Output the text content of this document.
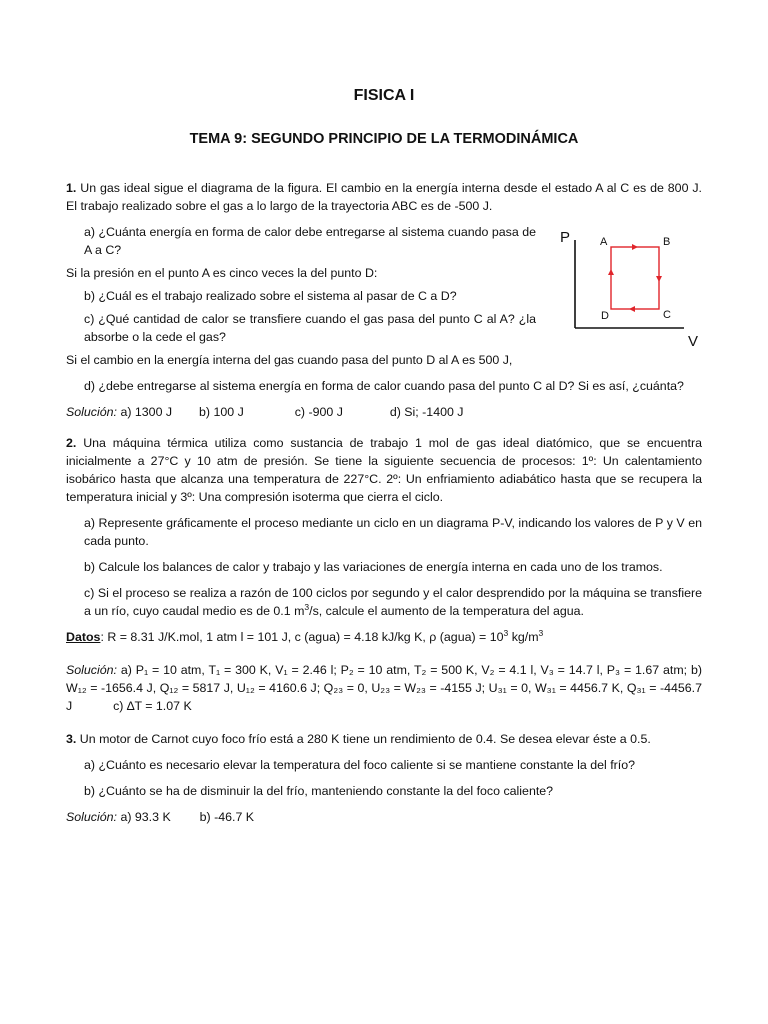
FISICA I
TEMA 9: SEGUNDO PRINCIPIO DE LA TERMODINÁMICA

1. Un gas ideal sigue el diagrama de la figura. El cambio en la energía interna desde el estado A al C es de 800 J. El trabajo realizado sobre el gas a lo largo de la trayectoria ABC es de -500 J.

a) ¿Cuánta energía en forma de calor debe entregarse al sistema cuando pasa de A a C?

Si la presión en el punto A es cinco veces la del punto D:

b) ¿Cuál es el trabajo realizado sobre el sistema al pasar de C a D?

c) ¿Qué cantidad de calor se transfiere cuando el gas pasa del punto C al A? ¿la absorbe o la cede el gas?

Si el cambio en la energía interna del gas cuando pasa del punto D al A es 500 J,

d) ¿debe entregarse al sistema energía en forma de calor cuando pasa del punto C al D? Si es así, ¿cuánta?

Solución: a) 1300 J b) 100 J	c) -900 J	d) Si; -1400 J

2. Una máquina térmica utiliza como sustancia de trabajo 1 mol de gas ideal diatómico, que se encuentra inicialmente a 27°C y 10 atm de presión. Se tiene la siguiente secuencia de procesos: 1º: Un calentamiento isobárico hasta que alcanza una temperatura de 227°C. 2º: Un enfriamiento adiabático hasta que se recupera la temperatura inicial y 3º: Una compresión isoterma que cierra el ciclo.

a) Represente gráficamente el proceso mediante un ciclo en un diagrama P-V, indicando los valores de P y V en cada punto.

b) Calcule los balances de calor y trabajo y las variaciones de energía interna en cada uno de los tramos.

c) Si el proceso se realiza a razón de 100 ciclos por segundo y el calor desprendido por la máquina se transfiere a un río, cuyo caudal medio es de 0.1 $m^3/s$, calcule el aumento de la temperatura del agua.

Datos: R = 8.31 J/K.mol, 1 atm l = 101 J, c (agua) = 4.18 kJ/kg K, ρ (agua) = $10^3$ $kg/m^3$

Solución: a) P₁ = 10 atm, T₁ = 300 K, V₁ = 2.46 l; P₂ = 10 atm, T₂ = 500 K, V₂ = 4.1 l, V₃ = 14.7 l, P₃ = 1.67 atm; b) W₁₂ = -1656.4 J, Q₁₂ = 5817 J, U₁₂ = 4160.6 J; Q₂₃ = 0, U₂₃ = W₂₃ = -4155 J; U₃₁ = 0, W₃₁ = 4456.7 K, Q₃₁ = -4456.7 J	c) ∆T = 1.07 K

3. Un motor de Carnot cuyo foco frío está a 280 K tiene un rendimiento de 0.4. Se desea elevar éste a 0.5.

a) ¿Cuánto es necesario elevar la temperatura del foco caliente si se mantiene constante la del frío?

b) ¿Cuánto se ha de disminuir la del frío, manteniendo constante la del foco caliente?

Solución: a) 93.3 K b) -46.7 K

P
V
A	B
C
D
